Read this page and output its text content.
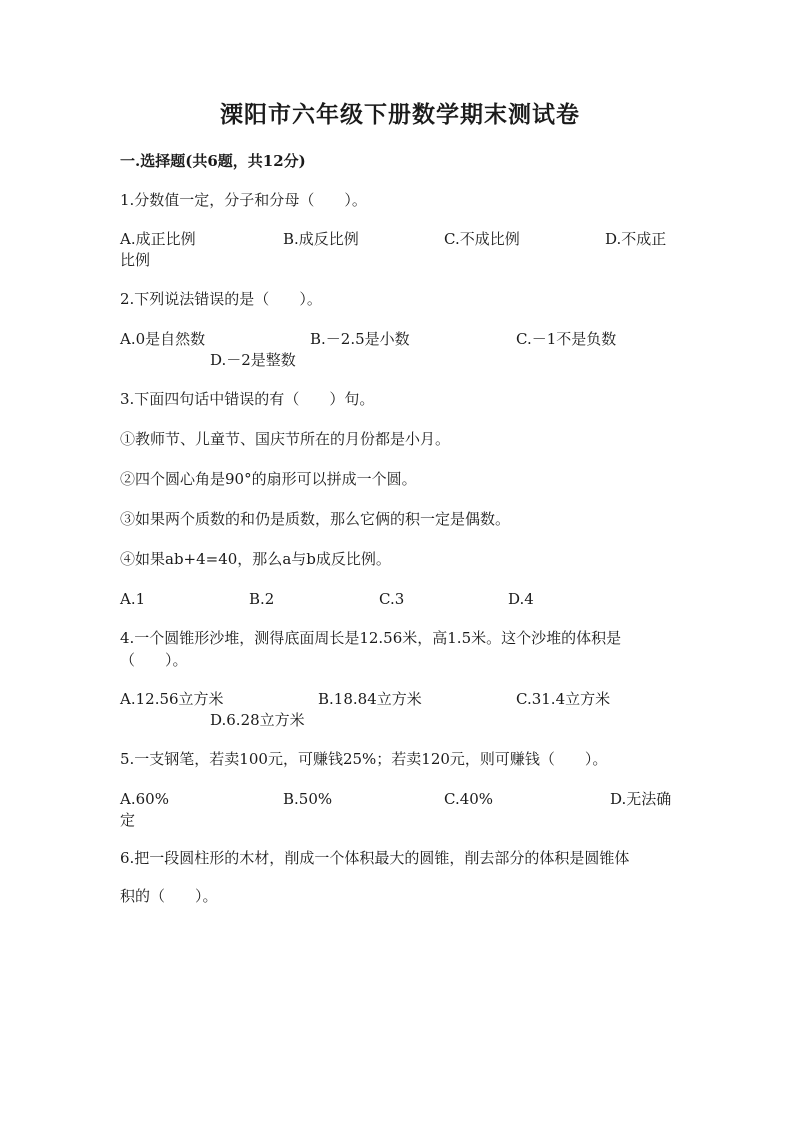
溧阳市六年级下册数学期末测试卷
一.选择题(共6题，共12分)
1.分数值一定，分子和分母（　　）。
A.成正比例	B.成反比例	C.不成比例	D.不成正
比例
2.下列说法错误的是（　　）。
A.0是自然数	B.－2.5是小数	C.－1不是负数
D.－2是整数
3.下面四句话中错误的有（　　）句。
①教师节、儿童节、国庆节所在的月份都是小月。
②四个圆心角是90°的扇形可以拼成一个圆。
③如果两个质数的和仍是质数，那么它俩的积一定是偶数。
④如果ab+4=40，那么a与b成反比例。
A.1	B.2	C.3	D.4
4.一个圆锥形沙堆，测得底面周长是12.56米，高1.5米。这个沙堆的体积是
（　　）。
A.12.56立方米	B.18.84立方米	C.31.4立方米
D.6.28立方米
5.一支钢笔，若卖100元，可赚钱25%；若卖120元，则可赚钱（　　）。
A.60%	B.50%	C.40%	D.无法确
定
6.把一段圆柱形的木材，削成一个体积最大的圆锥，削去部分的体积是圆锥体
积的（　　）。
